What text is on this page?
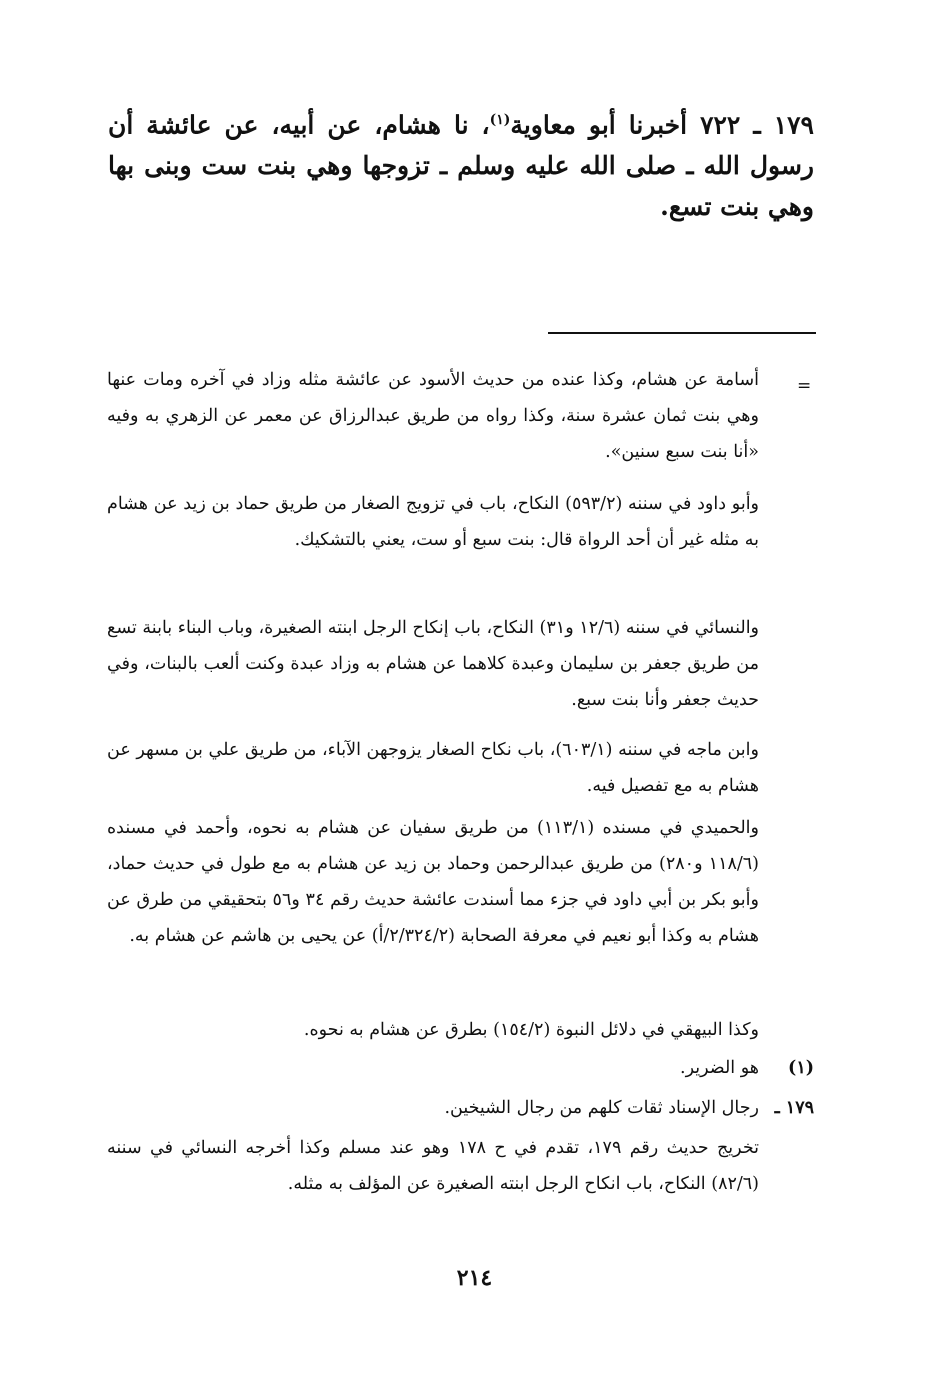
١٧٩ ـ ٧٢٢ أخبرنا أبو معاوية$^{(١)}$، نا هشام، عن أبيه، عن عائشة أن رسول الله ـ صلى الله عليه وسلم ـ تزوجها وهي بنت ست وبنى بها وهي بنت تسع.
=
أسامة عن هشام، وكذا عنده من حديث الأسود عن عائشة مثله وزاد في آخره ومات عنها وهي بنت ثمان عشرة سنة، وكذا رواه من طريق عبدالرزاق عن معمر عن الزهري به وفيه «أنا بنت سبع سنين».
وأبو داود في سننه (٥٩٣/٢) النكاح، باب في تزويج الصغار من طريق حماد بن زيد عن هشام به مثله غير أن أحد الرواة قال: بنت سبع أو ست، يعني بالتشكيك.
والنسائي في سننه (١٢/٦ و٣١) النكاح، باب إنكاح الرجل ابنته الصغيرة، وباب البناء بابنة تسع من طريق جعفر بن سليمان وعبدة كلاهما عن هشام به وزاد عبدة وكنت ألعب بالبنات، وفي حديث جعفر وأنا بنت سبع.
وابن ماجه في سننه (٦٠٣/١)، باب نكاح الصغار يزوجهن الآباء، من طريق علي بن مسهر عن هشام به مع تفصيل فيه.
والحميدي في مسنده (١١٣/١) من طريق سفيان عن هشام به نحوه، وأحمد في مسنده (١١٨/٦ و٢٨٠) من طريق عبدالرحمن وحماد بن زيد عن هشام به مع طول في حديث حماد، وأبو بكر بن أبي داود في جزء مما أسندت عائشة حديث رقم ٣٤ و٥٦ بتحقيقي من طرق عن هشام به وكذا أبو نعيم في معرفة الصحابة (٢/٣٢٤/٢/أ) عن يحيى بن هاشم عن هشام به.
وكذا البيهقي في دلائل النبوة (١٥٤/٢) بطرق عن هشام به نحوه.
(١)
هو الضرير.
١٧٩ ـ
رجال الإسناد ثقات كلهم من رجال الشيخين.
تخريج حديث رقم ١٧٩، تقدم في ح ١٧٨ وهو عند مسلم وكذا أخرجه النسائي في سننه (٨٢/٦) النكاح، باب انكاح الرجل ابنته الصغيرة عن المؤلف به مثله.
٢١٤
